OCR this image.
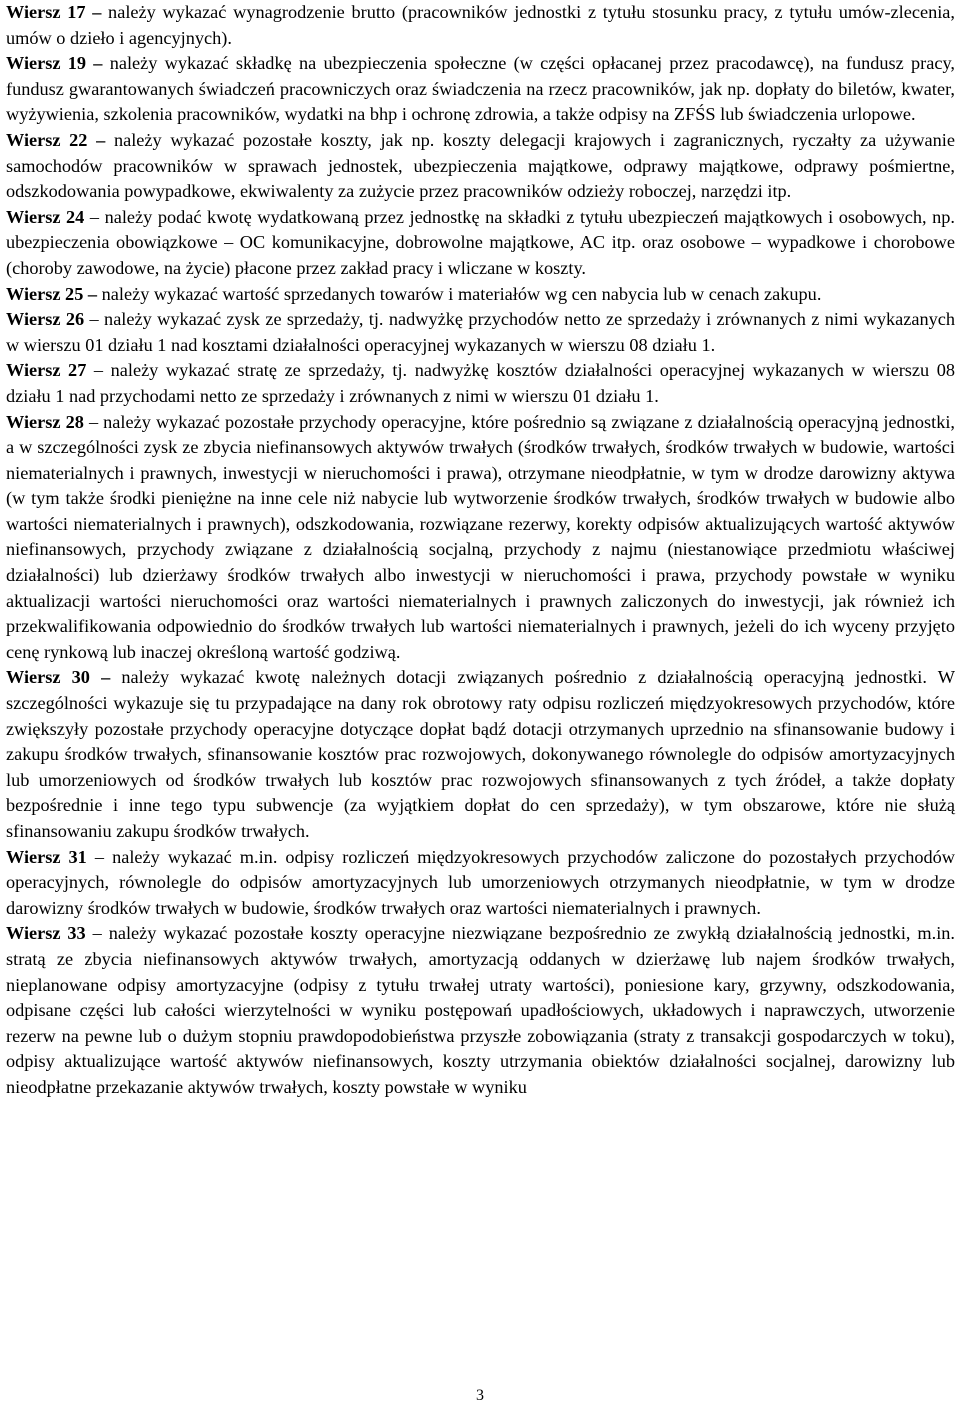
Wiersz 17 – należy wykazać wynagrodzenie brutto (pracowników jednostki z tytułu stosunku pracy, z tytułu umów-zlecenia, umów o dzieło i agencyjnych).

Wiersz 19 – należy wykazać składkę na ubezpieczenia społeczne (w części opłacanej przez pracodawcę), na fundusz pracy, fundusz gwarantowanych świadczeń pracowniczych oraz świadczenia na rzecz pracowników, jak np. dopłaty do biletów, kwater, wyżywienia, szkolenia pracowników, wydatki na bhp i ochronę zdrowia, a także odpisy na ZFŚS lub świadczenia urlopowe.

Wiersz 22 – należy wykazać pozostałe koszty, jak np. koszty delegacji krajowych i zagranicznych, ryczałty za używanie samochodów pracowników w sprawach jednostek, ubezpieczenia majątkowe, odprawy majątkowe, odprawy pośmiertne, odszkodowania powypadkowe, ekwiwalenty za zużycie przez pracowników odzieży roboczej, narzędzi itp.

Wiersz 24 – należy podać kwotę wydatkowaną przez jednostkę na składki z tytułu ubezpieczeń majątkowych i osobowych, np. ubezpieczenia obowiązkowe – OC komunikacyjne, dobrowolne majątkowe, AC itp. oraz osobowe – wypadkowe i chorobowe (choroby zawodowe, na życie) płacone przez zakład pracy i wliczane w koszty.

Wiersz 25 – należy wykazać wartość sprzedanych towarów i materiałów wg cen nabycia lub w cenach zakupu.

Wiersz 26 – należy wykazać zysk ze sprzedaży, tj. nadwyżkę przychodów netto ze sprzedaży i zrównanych z nimi wykazanych w wierszu 01 działu 1 nad kosztami działalności operacyjnej wykazanych w wierszu 08 działu 1.

Wiersz 27 – należy wykazać stratę ze sprzedaży, tj. nadwyżkę kosztów działalności operacyjnej wykazanych w wierszu 08 działu 1 nad przychodami netto ze sprzedaży i zrównanych z nimi w wierszu 01 działu 1.

Wiersz 28 – należy wykazać pozostałe przychody operacyjne, które pośrednio są związane z działalnością operacyjną jednostki, a w szczególności zysk ze zbycia niefinansowych aktywów trwałych (środków trwałych, środków trwałych w budowie, wartości niematerialnych i prawnych, inwestycji w nieruchomości i prawa), otrzymane nieodpłatnie, w tym w drodze darowizny aktywa (w tym także środki pieniężne na inne cele niż nabycie lub wytworzenie środków trwałych, środków trwałych w budowie albo wartości niematerialnych i prawnych), odszkodowania, rozwiązane rezerwy, korekty odpisów aktualizujących wartość aktywów niefinansowych, przychody związane z działalnością socjalną, przychody z najmu (niestanowiące przedmiotu właściwej działalności) lub dzierżawy środków trwałych albo inwestycji w nieruchomości i prawa, przychody powstałe w wyniku aktualizacji wartości nieruchomości oraz wartości niematerialnych i prawnych zaliczonych do inwestycji, jak również ich przekwalifikowania odpowiednio do środków trwałych lub wartości niematerialnych i prawnych, jeżeli do ich wyceny przyjęto cenę rynkową lub inaczej określoną wartość godziwą.

Wiersz 30 – należy wykazać kwotę należnych dotacji związanych pośrednio z działalnością operacyjną jednostki. W szczególności wykazuje się tu przypadające na dany rok obrotowy raty odpisu rozliczeń międzyokresowych przychodów, które zwiększyły pozostałe przychody operacyjne dotyczące dopłat bądź dotacji otrzymanych uprzednio na sfinansowanie budowy i zakupu środków trwałych, sfinansowanie kosztów prac rozwojowych, dokonywanego równolegle do odpisów amortyzacyjnych lub umorzeniowych od środków trwałych lub kosztów prac rozwojowych sfinansowanych z tych źródeł, a także dopłaty bezpośrednie i inne tego typu subwencje (za wyjątkiem dopłat do cen sprzedaży), w tym obszarowe, które nie służą sfinansowaniu zakupu środków trwałych.

Wiersz 31 – należy wykazać m.in. odpisy rozliczeń międzyokresowych przychodów zaliczone do pozostałych przychodów operacyjnych, równolegle do odpisów amortyzacyjnych lub umorzeniowych otrzymanych nieodpłatnie, w tym w drodze darowizny środków trwałych w budowie, środków trwałych oraz wartości niematerialnych i prawnych.

Wiersz 33 – należy wykazać pozostałe koszty operacyjne niezwiązane bezpośrednio ze zwykłą działalnością jednostki, m.in. stratą ze zbycia niefinansowych aktywów trwałych, amortyzacją oddanych w dzierżawę lub najem środków trwałych, nieplanowane odpisy amortyzacyjne (odpisy z tytułu trwałej utraty wartości), poniesione kary, grzywny, odszkodowania, odpisane części lub całości wierzytelności w wyniku postępowań upadłościowych, układowych i naprawczych, utworzenie rezerw na pewne lub o dużym stopniu prawdopodobieństwa przyszłe zobowiązania (straty z transakcji gospodarczych w toku), odpisy aktualizujące wartość aktywów niefinansowych, koszty utrzymania obiektów działalności socjalnej, darowizny lub nieodpłatne przekazanie aktywów trwałych, koszty powstałe w wyniku

3
